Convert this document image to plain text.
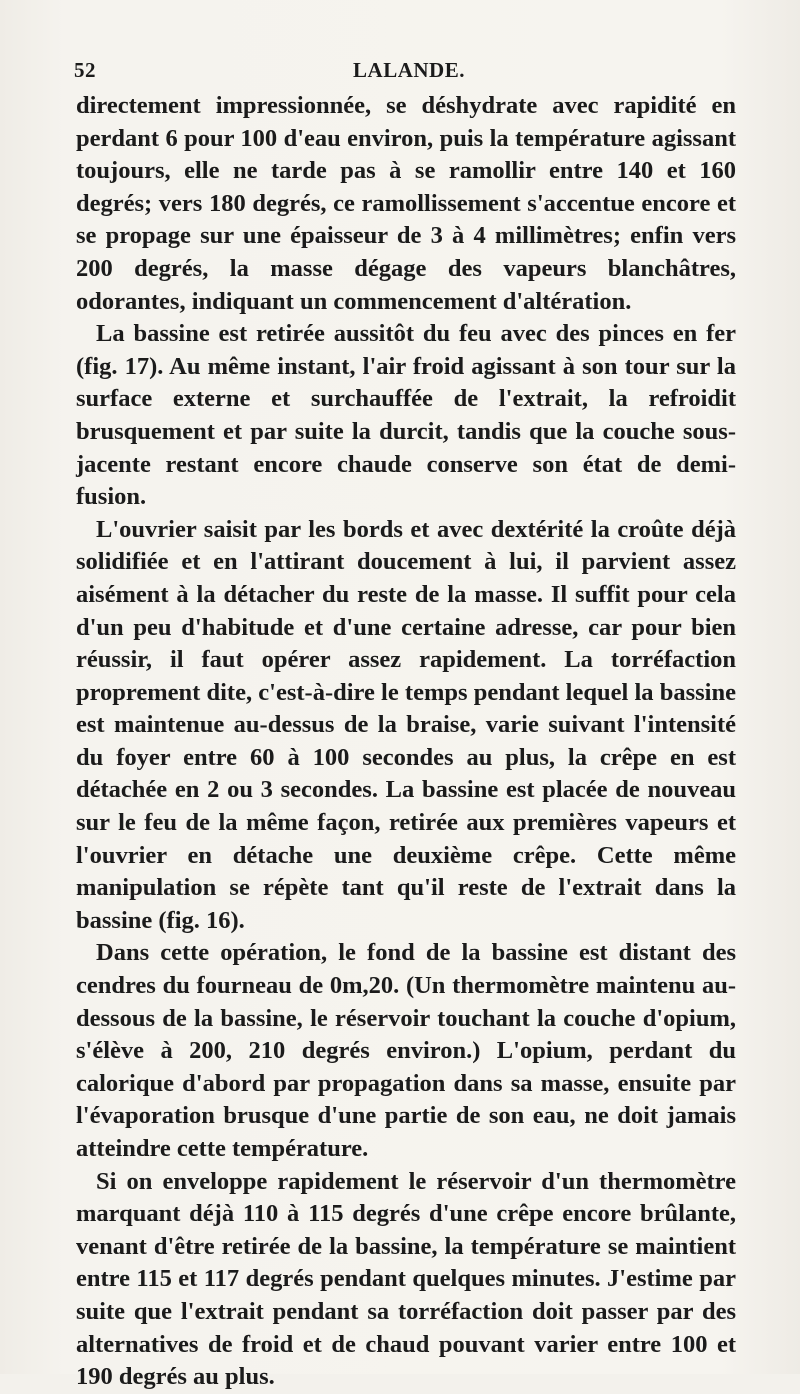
52	LALANDE.

directement impressionnée, se déshydrate avec rapidité en perdant 6 pour 100 d'eau environ, puis la température agissant toujours, elle ne tarde pas à se ramollir entre 140 et 160 degrés; vers 180 degrés, ce ramollissement s'accentue encore et se propage sur une épaisseur de 3 à 4 millimètres; enfin vers 200 degrés, la masse dégage des vapeurs blanchâtres, odorantes, indiquant un commencement d'altération.

La bassine est retirée aussitôt du feu avec des pinces en fer (fig. 17). Au même instant, l'air froid agissant à son tour sur la surface externe et surchauffée de l'extrait, la refroidit brusquement et par suite la durcit, tandis que la couche sous-jacente restant encore chaude conserve son état de demi-fusion.

L'ouvrier saisit par les bords et avec dextérité la croûte déjà solidifiée et en l'attirant doucement à lui, il parvient assez aisément à la détacher du reste de la masse. Il suffit pour cela d'un peu d'habitude et d'une certaine adresse, car pour bien réussir, il faut opérer assez rapidement. La torréfaction proprement dite, c'est-à-dire le temps pendant lequel la bassine est maintenue au-dessus de la braise, varie suivant l'intensité du foyer entre 60 à 100 secondes au plus, la crêpe en est détachée en 2 ou 3 secondes. La bassine est placée de nouveau sur le feu de la même façon, retirée aux premières vapeurs et l'ouvrier en détache une deuxième crêpe. Cette même manipulation se répète tant qu'il reste de l'extrait dans la bassine (fig. 16).

Dans cette opération, le fond de la bassine est distant des cendres du fourneau de 0m,20. (Un thermomètre maintenu au-dessous de la bassine, le réservoir touchant la couche d'opium, s'élève à 200, 210 degrés environ.) L'opium, perdant du calorique d'abord par propagation dans sa masse, ensuite par l'évaporation brusque d'une partie de son eau, ne doit jamais atteindre cette température.

Si on enveloppe rapidement le réservoir d'un thermomètre marquant déjà 110 à 115 degrés d'une crêpe encore brûlante, venant d'être retirée de la bassine, la température se maintient entre 115 et 117 degrés pendant quelques minutes. J'estime par suite que l'extrait pendant sa torréfaction doit passer par des alternatives de froid et de chaud pouvant varier entre 100 et 190 degrés au plus.
